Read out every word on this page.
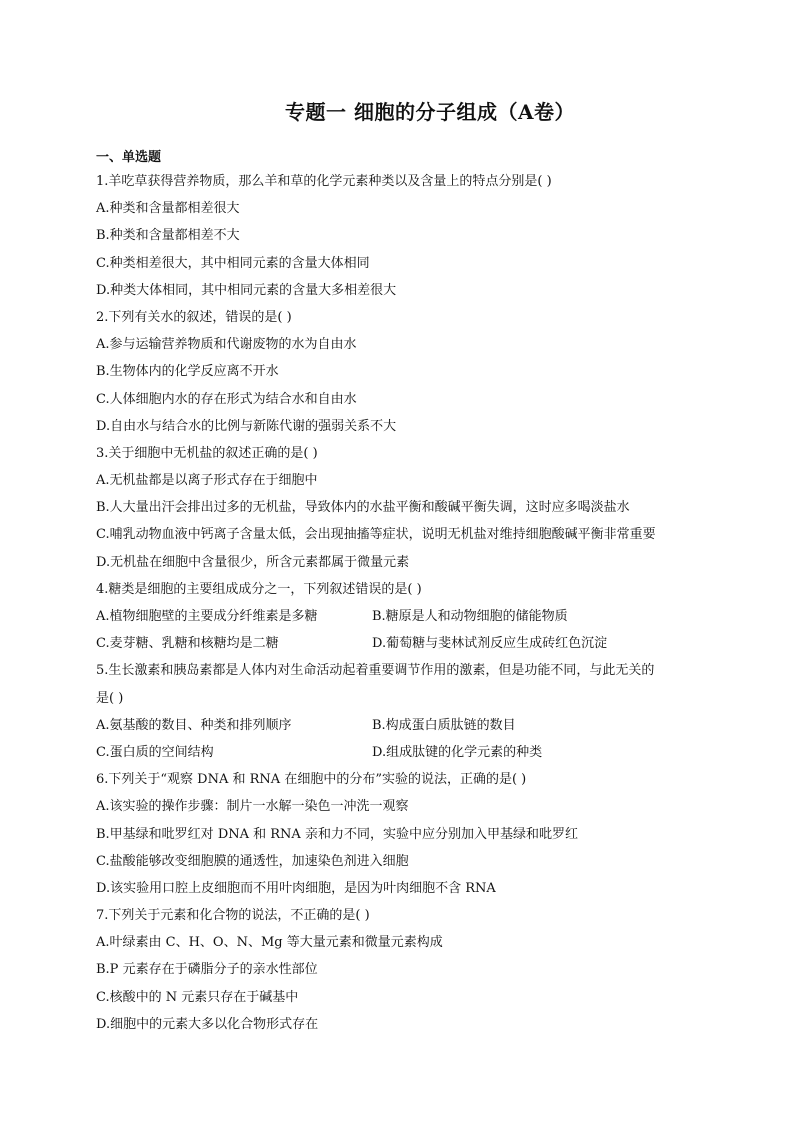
专题一 细胞的分子组成（A卷）
一、单选题
1.羊吃草获得营养物质，那么羊和草的化学元素种类以及含量上的特点分别是( )
A.种类和含量都相差很大
B.种类和含量都相差不大
C.种类相差很大，其中相同元素的含量大体相同
D.种类大体相同，其中相同元素的含量大多相差很大
2.下列有关水的叙述，错误的是( )
A.参与运输营养物质和代谢废物的水为自由水
B.生物体内的化学反应离不开水
C.人体细胞内水的存在形式为结合水和自由水
D.自由水与结合水的比例与新陈代谢的强弱关系不大
3.关于细胞中无机盐的叙述正确的是( )
A.无机盐都是以离子形式存在于细胞中
B.人大量出汗会排出过多的无机盐，导致体内的水盐平衡和酸碱平衡失调，这时应多喝淡盐水
C.哺乳动物血液中钙离子含量太低，会出现抽搐等症状，说明无机盐对维持细胞酸碱平衡非常重要
D.无机盐在细胞中含量很少，所含元素都属于微量元素
4.糖类是细胞的主要组成成分之一，下列叙述错误的是( )
A.植物细胞壁的主要成分纤维素是多糖	B.糖原是人和动物细胞的储能物质
C.麦芽糖、乳糖和核糖均是二糖	D.葡萄糖与斐林试剂反应生成砖红色沉淀
5.生长激素和胰岛素都是人体内对生命活动起着重要调节作用的激素，但是功能不同，与此无关的
是( )
A.氨基酸的数目、种类和排列顺序	B.构成蛋白质肽链的数目
C.蛋白质的空间结构	D.组成肽键的化学元素的种类
6.下列关于“观察 DNA 和 RNA 在细胞中的分布”实验的说法，正确的是( )
A.该实验的操作步骤：制片一水解一染色一冲洗一观察
B.甲基绿和吡罗红对 DNA 和 RNA 亲和力不同，实验中应分别加入甲基绿和吡罗红
C.盐酸能够改变细胞膜的通透性，加速染色剂进入细胞
D.该实验用口腔上皮细胞而不用叶肉细胞，是因为叶肉细胞不含 RNA
7.下列关于元素和化合物的说法，不正确的是( )
A.叶绿素由 C、H、O、N、Mg 等大量元素和微量元素构成
B.P 元素存在于磷脂分子的亲水性部位
C.核酸中的 N 元素只存在于碱基中
D.细胞中的元素大多以化合物形式存在
